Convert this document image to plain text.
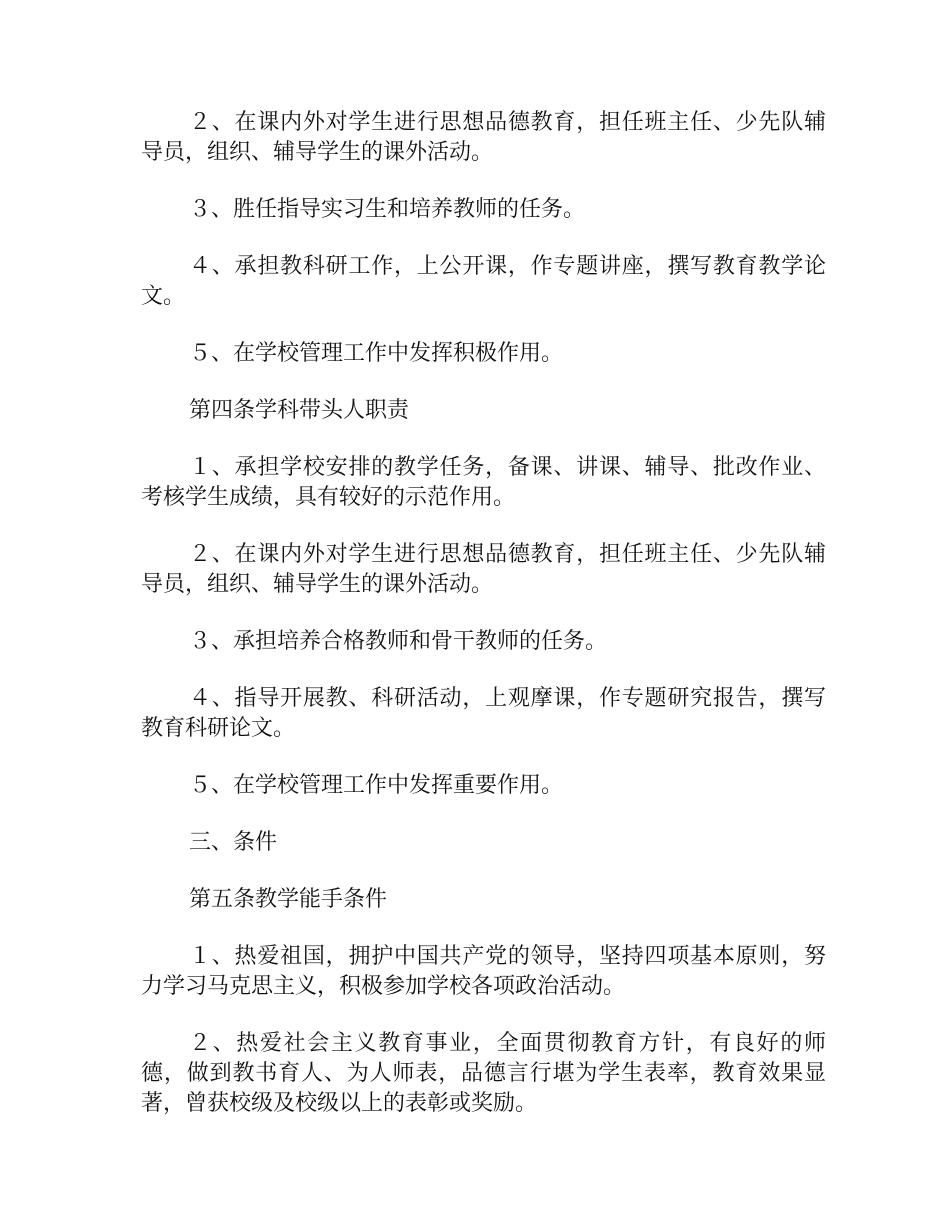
２、在课内外对学生进行思想品德教育，担任班主任、少先队辅导员，组织、辅导学生的课外活动。

３、胜任指导实习生和培养教师的任务。

４、承担教科研工作，上公开课，作专题讲座，撰写教育教学论文。

５、在学校管理工作中发挥积极作用。

第四条学科带头人职责

１、承担学校安排的教学任务，备课、讲课、辅导、批改作业、考核学生成绩，具有较好的示范作用。

２、在课内外对学生进行思想品德教育，担任班主任、少先队辅导员，组织、辅导学生的课外活动。

３、承担培养合格教师和骨干教师的任务。

４、指导开展教、科研活动，上观摩课，作专题研究报告，撰写教育科研论文。

５、在学校管理工作中发挥重要作用。

三、条件

第五条教学能手条件

１、热爱祖国，拥护中国共产党的领导，坚持四项基本原则，努力学习马克思主义，积极参加学校各项政治活动。

２、热爱社会主义教育事业，全面贯彻教育方针，有良好的师德，做到教书育人、为人师表，品德言行堪为学生表率，教育效果显著，曾获校级及校级以上的表彰或奖励。
